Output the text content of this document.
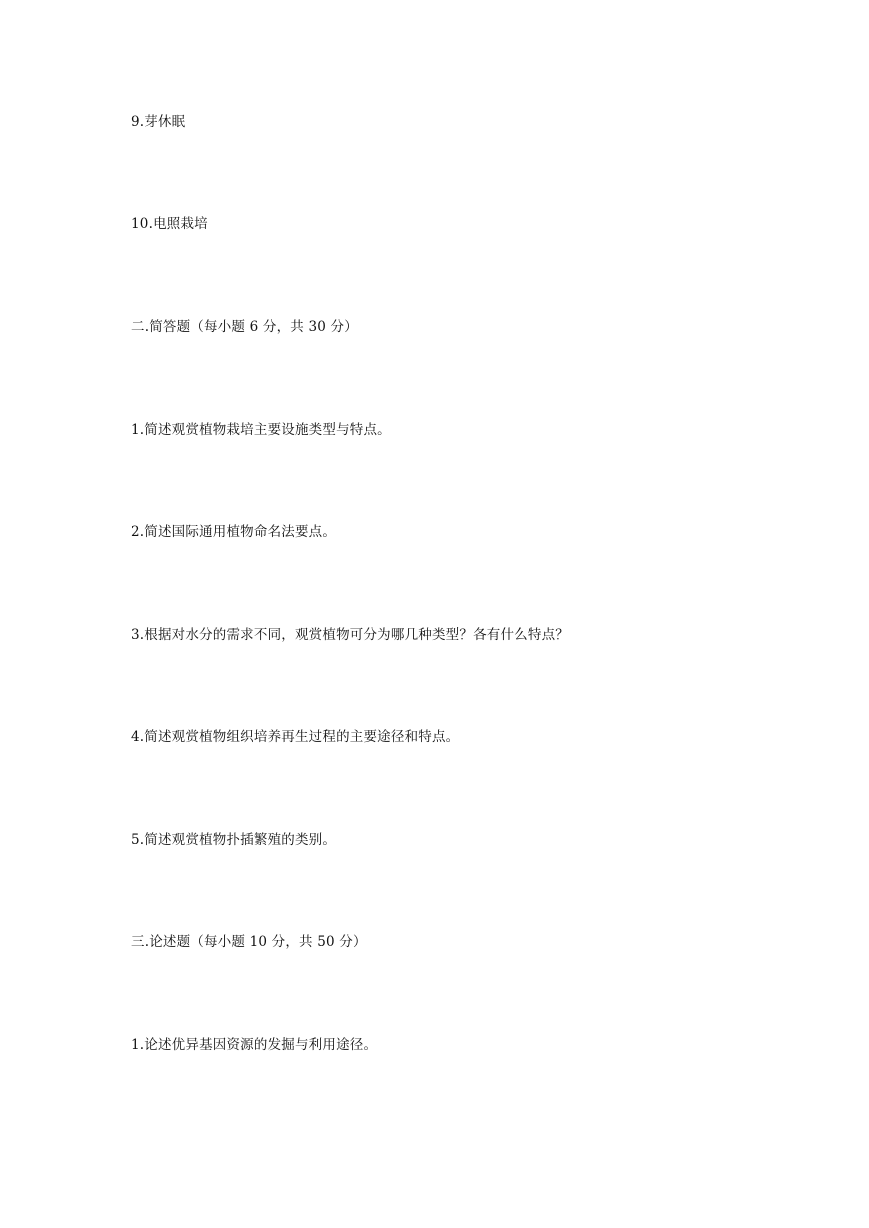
9.芽休眠
10.电照栽培
二.简答题（每小题 6 分，共 30 分）
1.简述观赏植物栽培主要设施类型与特点。
2.简述国际通用植物命名法要点。
3.根据对水分的需求不同，观赏植物可分为哪几种类型？各有什么特点？
4.简述观赏植物组织培养再生过程的主要途径和特点。
5.简述观赏植物扑插繁殖的类别。
三.论述题（每小题 10 分，共 50 分）
1.论述优异基因资源的发掘与利用途径。
